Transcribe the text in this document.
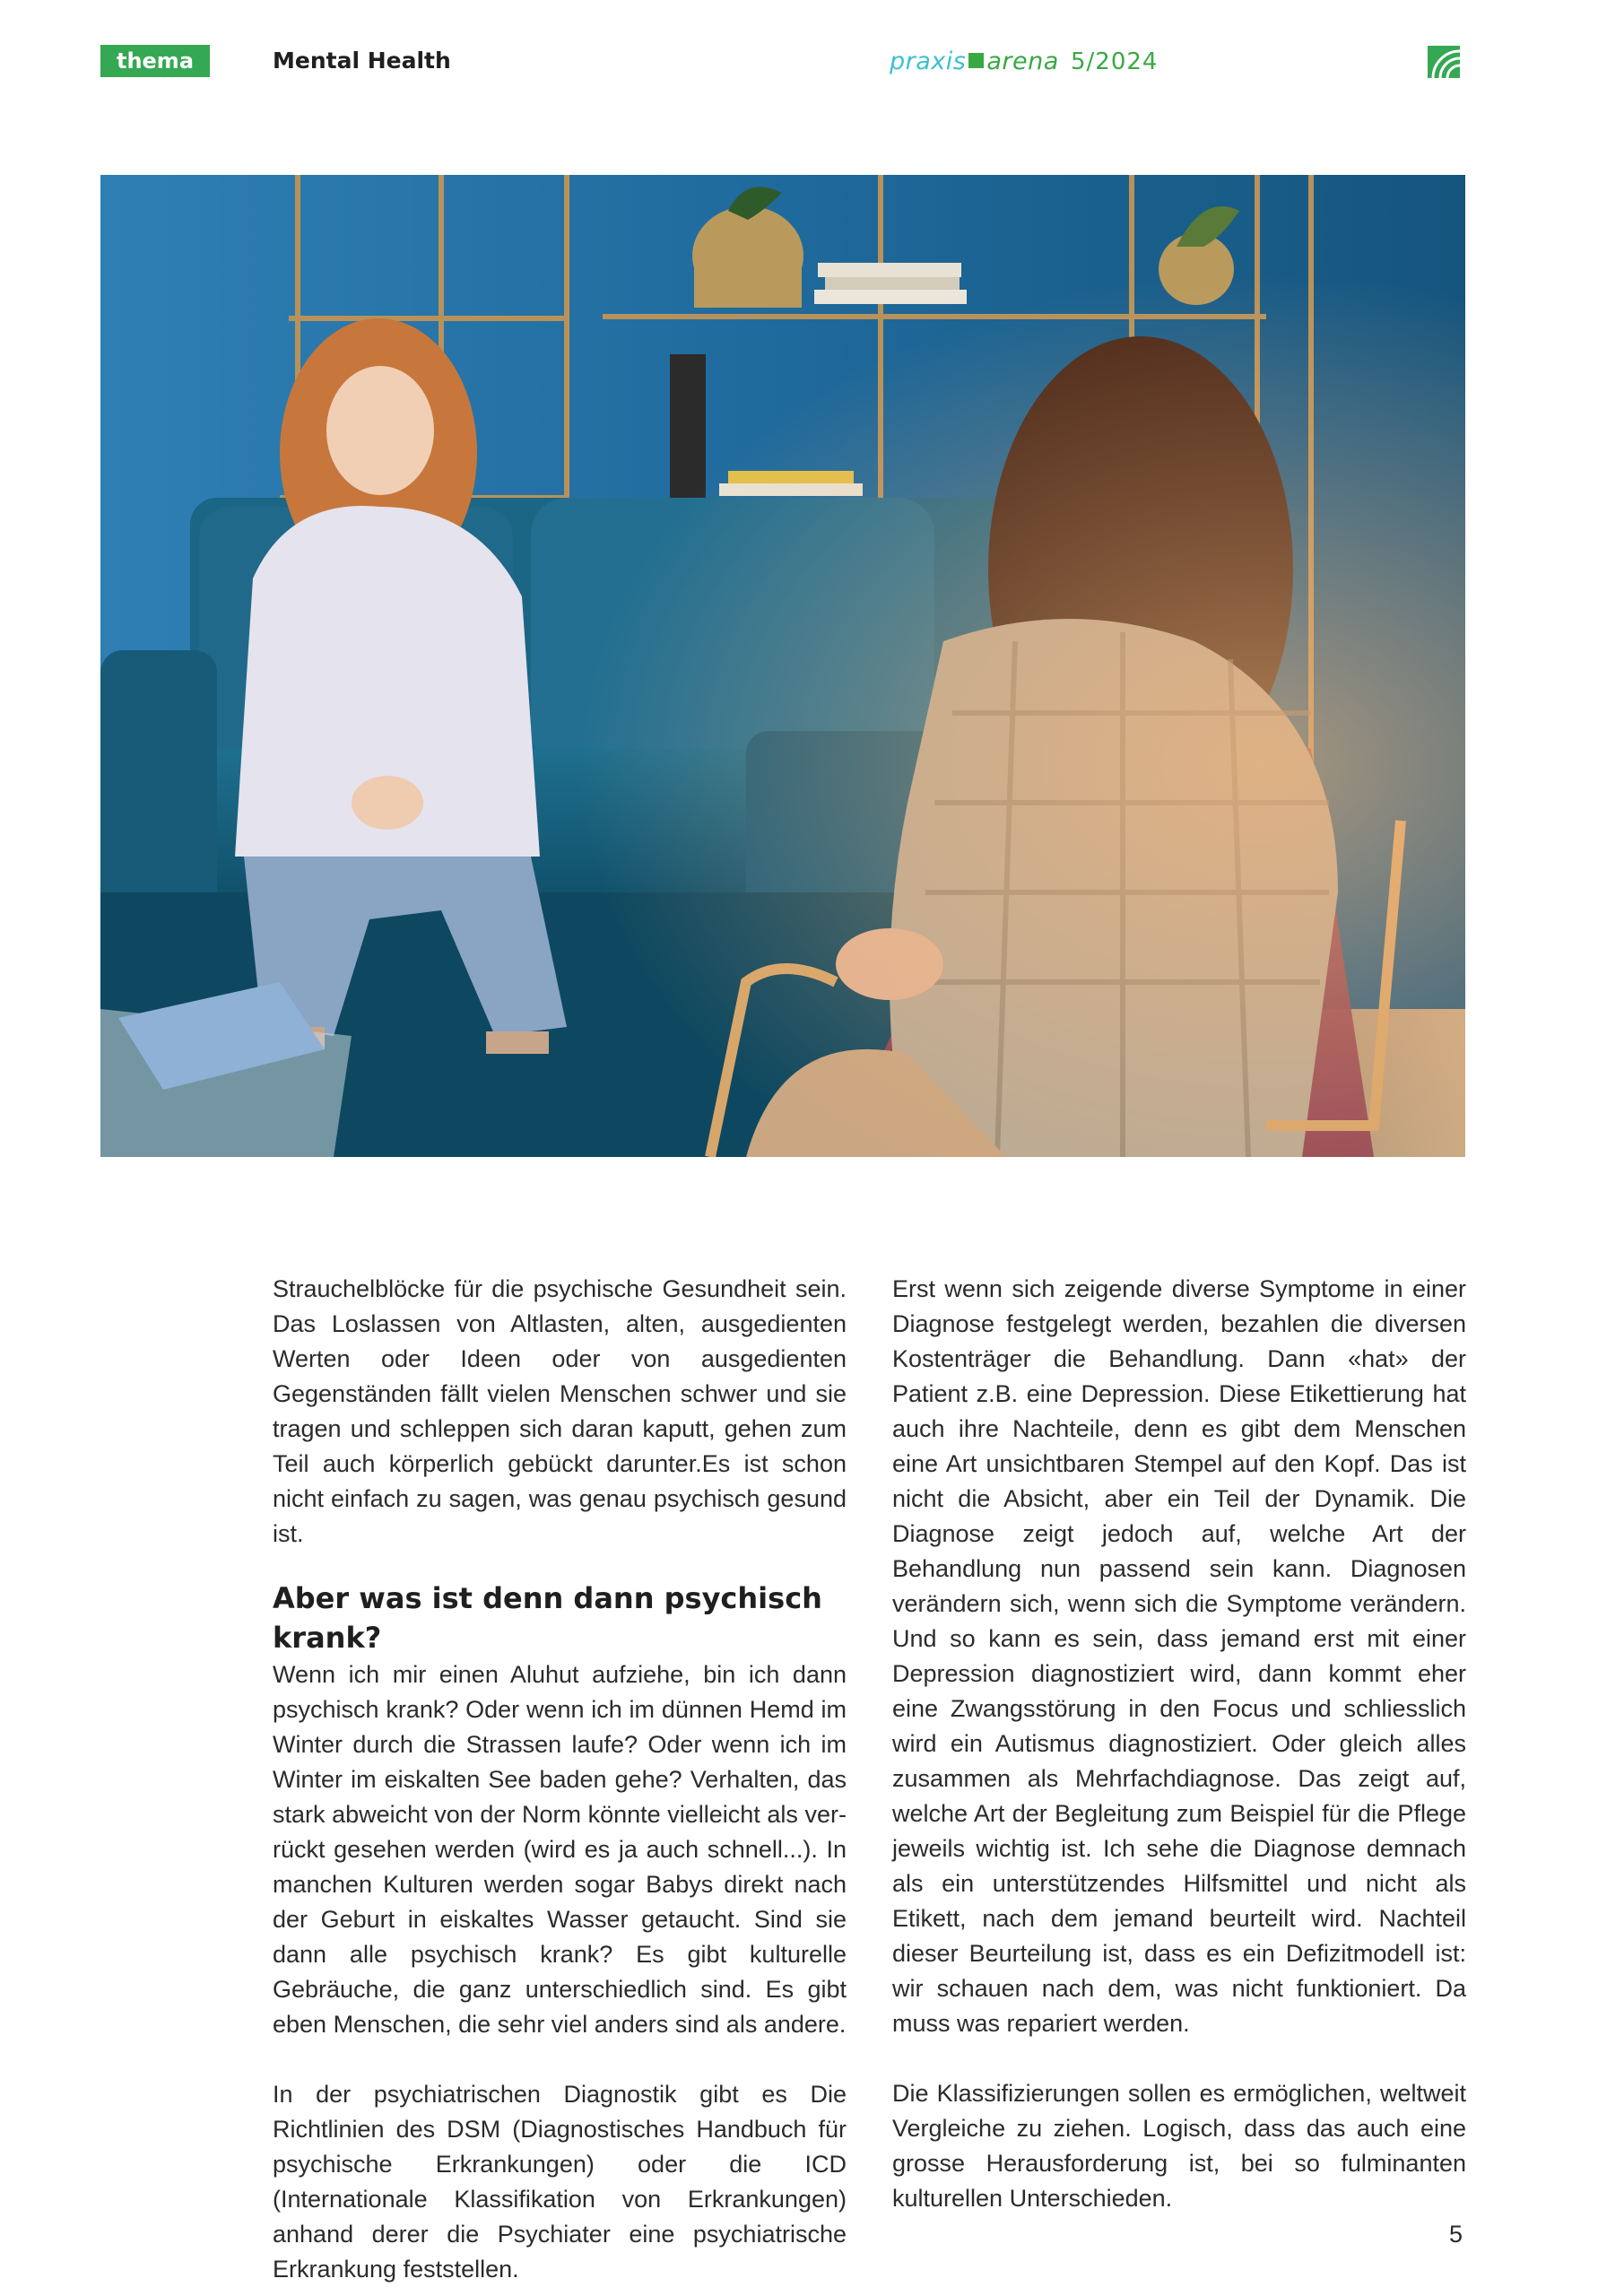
thema	Mental Health	praxis arena 5/2024

Strauchelblöcke für die psychische Gesundheit sein. Das Loslassen von Altlasten, alten, ausgedienten Werten oder Ideen oder von ausgedienten Gegenständen fällt vielen Menschen schwer und sie tragen und schleppen sich daran kaputt, gehen zum Teil auch körperlich gebückt darunter.Es ist schon nicht einfach zu sagen, was genau psychisch gesund ist.

Aber was ist denn dann psychisch krank?

Wenn ich mir einen Aluhut aufziehe, bin ich dann psychisch krank? Oder wenn ich im dünnen Hemd im Winter durch die Strassen laufe? Oder wenn ich im Winter im eiskalten See baden gehe? Verhalten, das stark abweicht von der Norm könnte vielleicht als ver-rückt gesehen werden (wird es ja auch schnell...). In manchen Kulturen werden sogar Babys direkt nach der Geburt in eiskaltes Wasser getaucht. Sind sie dann alle psychisch krank? Es gibt kulturelle Gebräuche, die ganz unterschiedlich sind. Es gibt eben Menschen, die sehr viel anders sind als andere.

In der psychiatrischen Diagnostik gibt es Die Richtlinien des DSM (Diagnostisches Handbuch für psychische Erkrankungen) oder die ICD (Internationale Klassifikation von Erkrankungen) anhand derer die Psychiater eine psychiatrische Erkrankung feststellen.

Erst wenn sich zeigende diverse Symptome in einer Diagnose festgelegt werden, bezahlen die diversen Kostenträger die Behandlung. Dann «hat» der Patient z.B. eine Depression. Diese Etikettierung hat auch ihre Nachteile, denn es gibt dem Menschen eine Art unsichtbaren Stempel auf den Kopf. Das ist nicht die Absicht, aber ein Teil der Dynamik. Die Diagnose zeigt jedoch auf, welche Art der Behandlung nun passend sein kann. Diagnosen verändern sich, wenn sich die Symptome verändern. Und so kann es sein, dass jemand erst mit einer Depression diagnostiziert wird, dann kommt eher eine Zwangsstörung in den Focus und schliesslich wird ein Autismus diagnostiziert. Oder gleich alles zusammen als Mehrfachdiagnose. Das zeigt auf, welche Art der Begleitung zum Beispiel für die Pflege jeweils wichtig ist. Ich sehe die Diagnose demnach als ein unterstützendes Hilfsmittel und nicht als Etikett, nach dem jemand beurteilt wird. Nachteil dieser Beurteilung ist, dass es ein Defizitmodell ist: wir schauen nach dem, was nicht funktioniert. Da muss was repariert werden.

Die Klassifizierungen sollen es ermöglichen, weltweit Vergleiche zu ziehen. Logisch, dass das auch eine grosse Herausforderung ist, bei so fulminanten kulturellen Unterschieden.

5
